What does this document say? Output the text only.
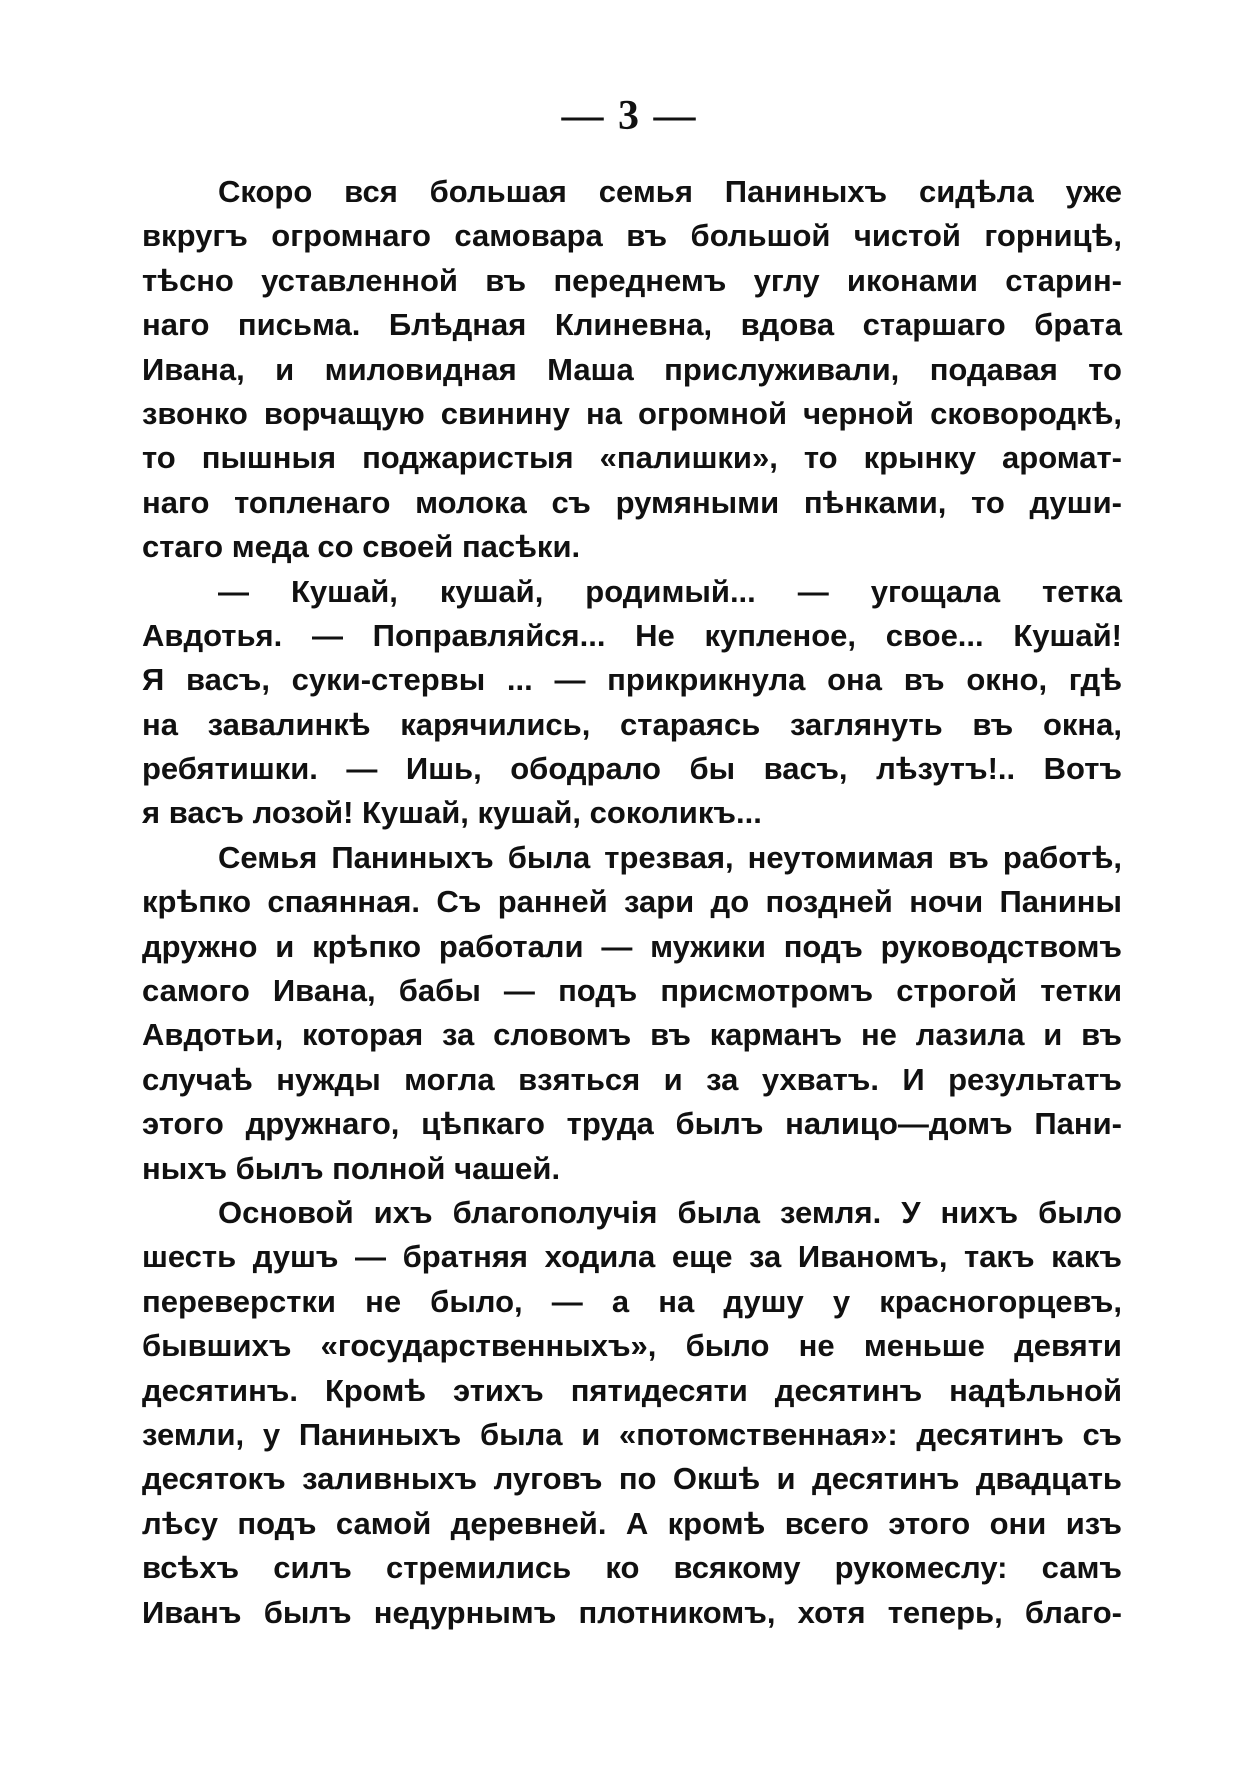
— 3 —
Скоро вся большая семья Паниныхъ сидѣла уже
вкругъ огромнаго самовара въ большой чистой горницѣ,
тѣсно уставленной въ переднемъ углу иконами старин-
наго письма. Блѣдная Клиневна, вдова старшаго брата
Ивана, и миловидная Маша прислуживали, подавая то
звонко ворчащую свинину на огромной черной сковородкѣ,
то пышныя поджаристыя «палишки», то крынку аромат-
наго топленаго молока съ румяными пѣнками, то души-
стаго меда со своей пасѣки.
— Кушай, кушай, родимый... — угощала тетка
Авдотья. — Поправляйся... Не купленое, свое... Кушай!
Я васъ, суки-стервы ... — прикрикнула она въ окно, гдѣ
на завалинкѣ карячились, стараясь заглянуть въ окна,
ребятишки. — Ишь, ободрало бы васъ, лѣзутъ!.. Вотъ
я васъ лозой! Кушай, кушай, соколикъ...
Семья Паниныхъ была трезвая, неутомимая въ работѣ,
крѣпко спаянная. Съ ранней зари до поздней ночи Панины
дружно и крѣпко работали — мужики подъ руководствомъ
самого Ивана, бабы — подъ присмотромъ строгой тетки
Авдотьи, которая за словомъ въ карманъ не лазила и въ
случаѣ нужды могла взяться и за ухватъ. И результатъ
этого дружнаго, цѣпкаго труда былъ налицо—домъ Пани-
ныхъ былъ полной чашей.
Основой ихъ благополучія была земля. У нихъ было
шесть душъ — братняя ходила еще за Иваномъ, такъ какъ
переверстки не было, — а на душу у красногорцевъ,
бывшихъ «государственныхъ», было не меньше девяти
десятинъ. Кромѣ этихъ пятидесяти десятинъ надѣльной
земли, у Паниныхъ была и «потомственная»: десятинъ съ
десятокъ заливныхъ луговъ по Окшѣ и десятинъ двадцать
лѣсу подъ самой деревней. А кромѣ всего этого они изъ
всѣхъ силъ стремились ко всякому рукомеслу: самъ
Иванъ былъ недурнымъ плотникомъ, хотя теперь, благо-
